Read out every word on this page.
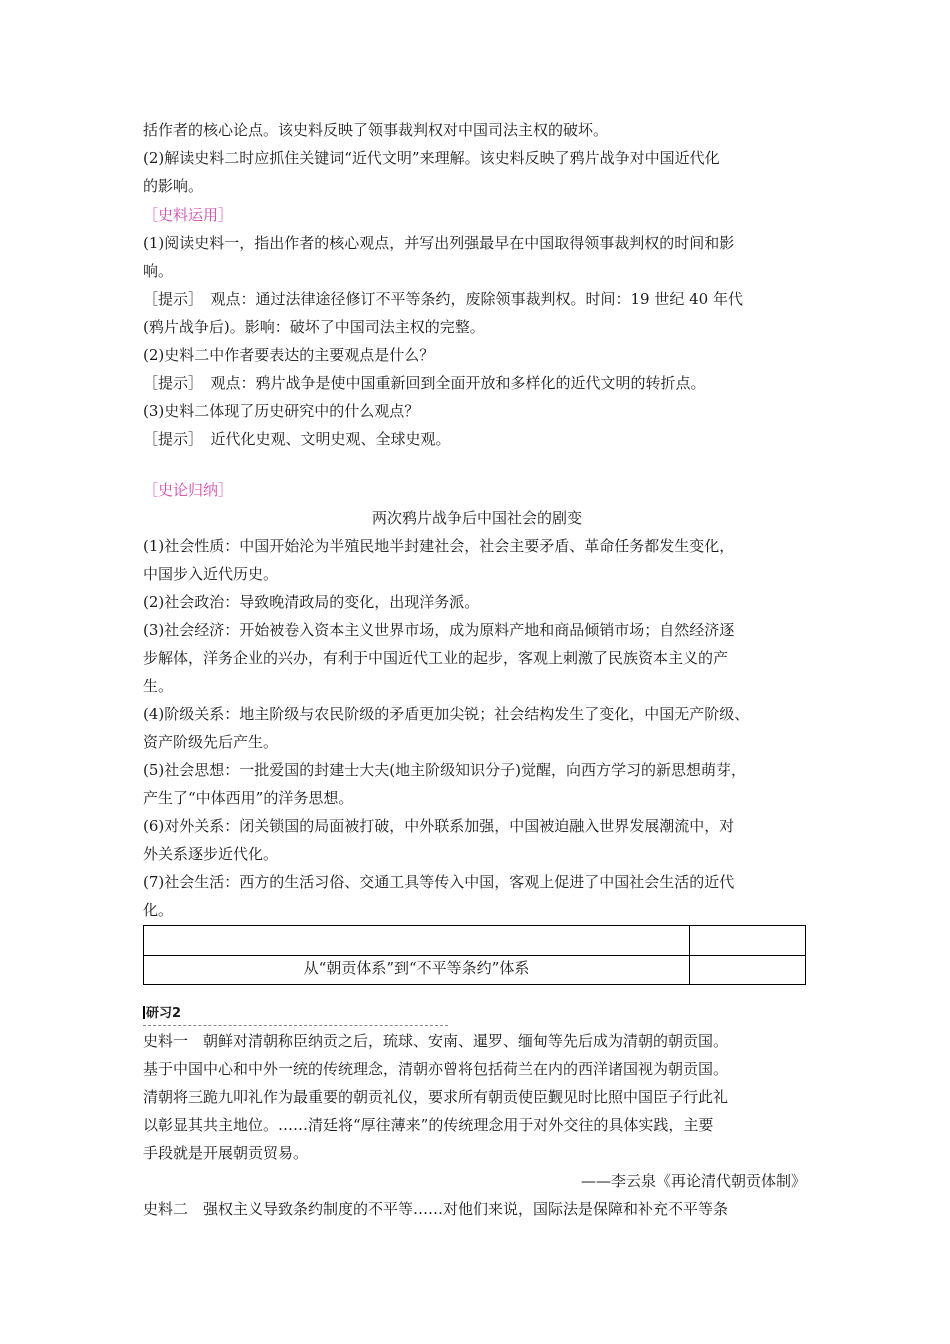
括作者的核心论点。该史料反映了领事裁判权对中国司法主权的破坏。
(2)解读史料二时应抓住关键词“近代文明”来理解。该史料反映了鸦片战争对中国近代化
的影响。
［史料运用］
(1)阅读史料一，指出作者的核心观点，并写出列强最早在中国取得领事裁判权的时间和影
响。
［提示］　观点：通过法律途径修订不平等条约，废除领事裁判权。时间：19 世纪 40 年代
(鸦片战争后)。影响：破坏了中国司法主权的完整。
(2)史料二中作者要表达的主要观点是什么？
［提示］　观点：鸦片战争是使中国重新回到全面开放和多样化的近代文明的转折点。
(3)史料二体现了历史研究中的什么观点？
［提示］　近代化史观、文明史观、全球史观。
［史论归纳］
两次鸦片战争后中国社会的剧变
(1)社会性质：中国开始沦为半殖民地半封建社会，社会主要矛盾、革命任务都发生变化，
中国步入近代历史。
(2)社会政治：导致晚清政局的变化，出现洋务派。
(3)社会经济：开始被卷入资本主义世界市场，成为原料产地和商品倾销市场；自然经济逐
步解体，洋务企业的兴办，有利于中国近代工业的起步，客观上刺激了民族资本主义的产
生。
(4)阶级关系：地主阶级与农民阶级的矛盾更加尖锐；社会结构发生了变化，中国无产阶级、
资产阶级先后产生。
(5)社会思想：一批爱国的封建士大夫(地主阶级知识分子)觉醒，向西方学习的新思想萌芽，
产生了“中体西用”的洋务思想。
(6)对外关系：闭关锁国的局面被打破，中外联系加强，中国被迫融入世界发展潮流中，对
外关系逐步近代化。
(7)社会生活：西方的生活习俗、交通工具等传入中国，客观上促进了中国社会生活的近代
化。
从“朝贡体系”到“不平等条约”体系
研习2
史料一　朝鲜对清朝称臣纳贡之后，琉球、安南、暹罗、缅甸等先后成为清朝的朝贡国。
基于中国中心和中外一统的传统理念，清朝亦曾将包括荷兰在内的西洋诸国视为朝贡国。
清朝将三跪九叩礼作为最重要的朝贡礼仪，要求所有朝贡使臣觐见时比照中国臣子行此礼
以彰显其共主地位。……清廷将“厚往薄来”的传统理念用于对外交往的具体实践，主要
手段就是开展朝贡贸易。
——李云泉《再论清代朝贡体制》
史料二　强权主义导致条约制度的不平等……对他们来说，国际法是保障和补充不平等条
